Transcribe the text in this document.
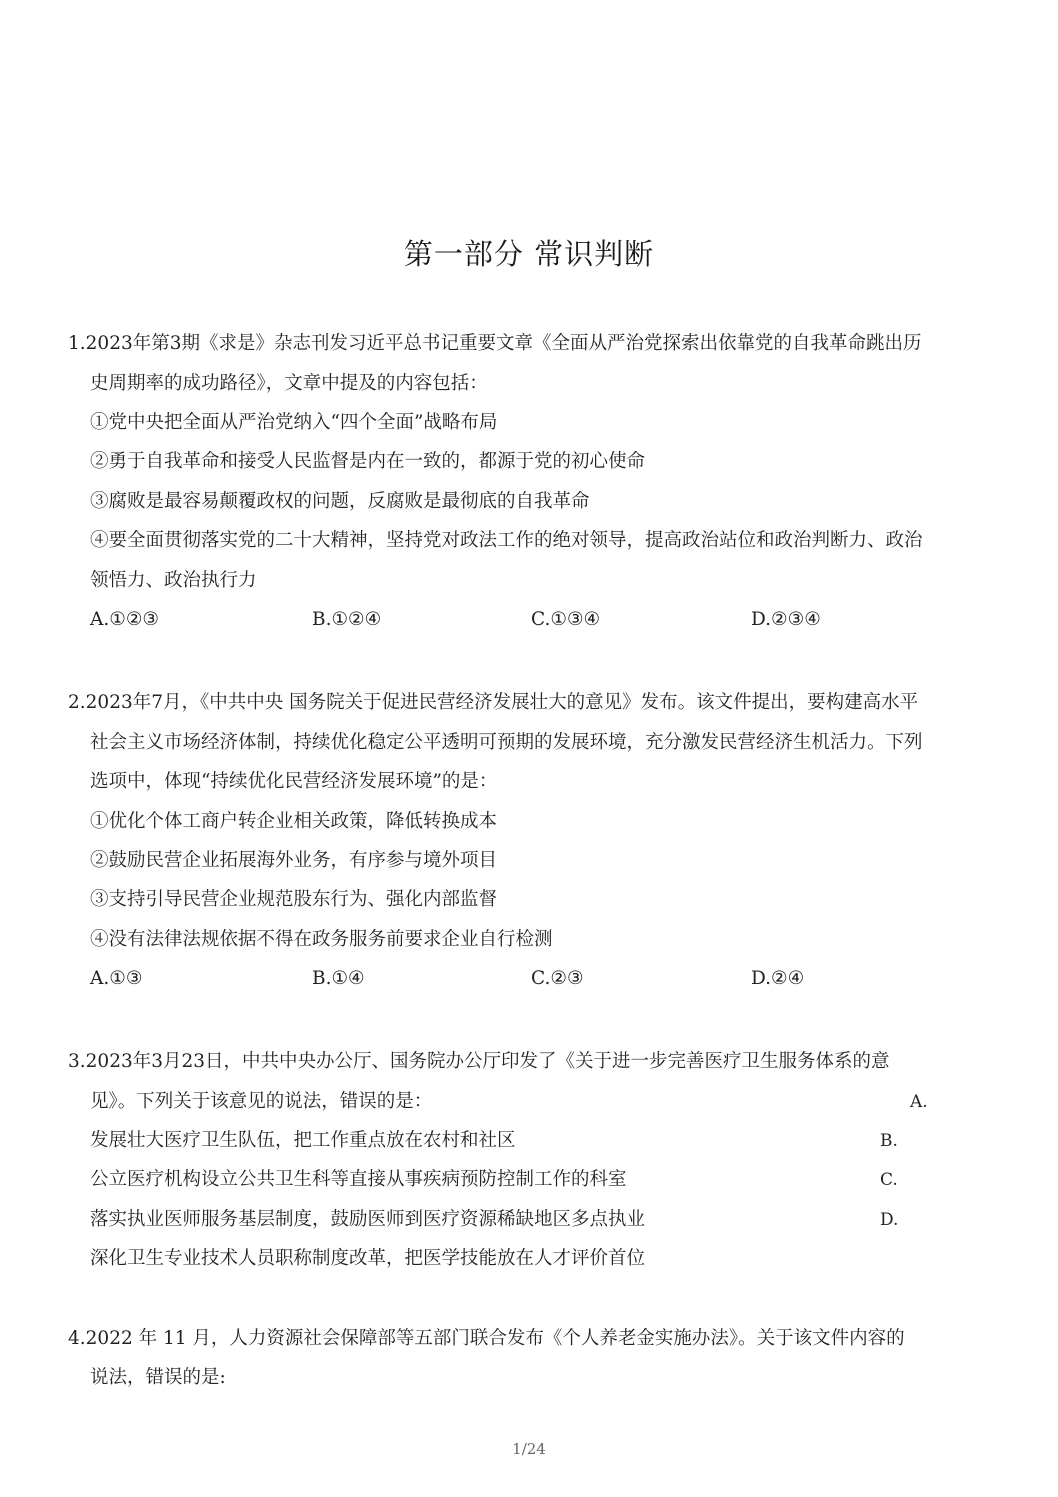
第一部分 常识判断
1.2023年第3期《求是》杂志刊发习近平总书记重要文章《全面从严治党探索出依靠党的自我革命跳出历
史周期率的成功路径》，文章中提及的内容包括：
①党中央把全面从严治党纳入“四个全面”战略布局
②勇于自我革命和接受人民监督是内在一致的，都源于党的初心使命
③腐败是最容易颠覆政权的问题，反腐败是最彻底的自我革命
④要全面贯彻落实党的二十大精神，坚持党对政法工作的绝对领导，提高政治站位和政治判断力、政治
领悟力、政治执行力
A.①②③	B.①②④	C.①③④	D.②③④
2.2023年7月，《中共中央 国务院关于促进民营经济发展壮大的意见》发布。该文件提出，要构建高水平
社会主义市场经济体制，持续优化稳定公平透明可预期的发展环境，充分激发民营经济生机活力。下列
选项中，体现“持续优化民营经济发展环境”的是：
①优化个体工商户转企业相关政策，降低转换成本
②鼓励民营企业拓展海外业务，有序参与境外项目
③支持引导民营企业规范股东行为、强化内部监督
④没有法律法规依据不得在政务服务前要求企业自行检测
A.①③	B.①④	C.②③	D.②④
3.2023年3月23日，中共中央办公厅、国务院办公厅印发了《关于进一步完善医疗卫生服务体系的意
见》。下列关于该意见的说法，错误的是：	A.
发展壮大医疗卫生队伍，把工作重点放在农村和社区	B.
公立医疗机构设立公共卫生科等直接从事疾病预防控制工作的科室	C.
落实执业医师服务基层制度，鼓励医师到医疗资源稀缺地区多点执业	D.
深化卫生专业技术人员职称制度改革，把医学技能放在人才评价首位
4.2022 年 11 月，人力资源社会保障部等五部门联合发布《个人养老金实施办法》。关于该文件内容的
说法，错误的是:
1/24
